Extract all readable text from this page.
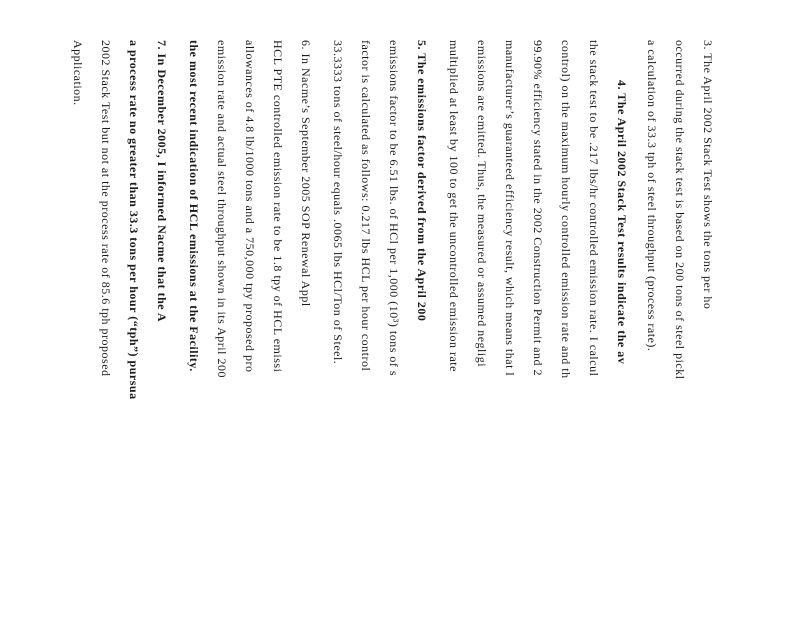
3. The April 2002 Stack Test shows the tons per ho
occurred during the stack test is based on 200 tons of steel pickl
a calculation of 33.3 tph of steel throughput (process rate).
4. The April 2002 Stack Test results indicate the av
the stack test to be .217 lbs/hr controlled emission rate. I calcul
control) on the maximum hourly controlled emission rate and th
99.90% efficiency stated in the 2002 Construction Permit and 2
manufacturer’s guaranteed efficiency result, which means that l
emissions are emitted. Thus, the measured or assumed negligi
multiplied at least by 100 to get the uncontrolled emission rate
5. The emissions factor derived from the April 200
emissions factor to be 6.51 lbs. of HCl per 1,000 (10³) tons of s
factor is calculated as follows: 0.217 lbs HCL per hour control
33.3333 tons of steel/hour equals .0065 lbs HCl/Ton of Steel.
6. In Nacme’s September 2005 SOP Renewal Appl
HCL PTE controlled emission rate to be 1.8 tpy of HCL emissi
allowances of 4.8 lb/1000 tons and a 750,000 tpy proposed pro
emission rate and actual steel throughput shown in its April 200
the most recent indication of HCL emissions at the Facility.
7. In December 2005, I informed Nacme that the A
a process rate no greater than 33.3 tons per hour (“tph”) pursua
2002 Stack Test but not at the process rate of 85.6 tph proposed
Application.
